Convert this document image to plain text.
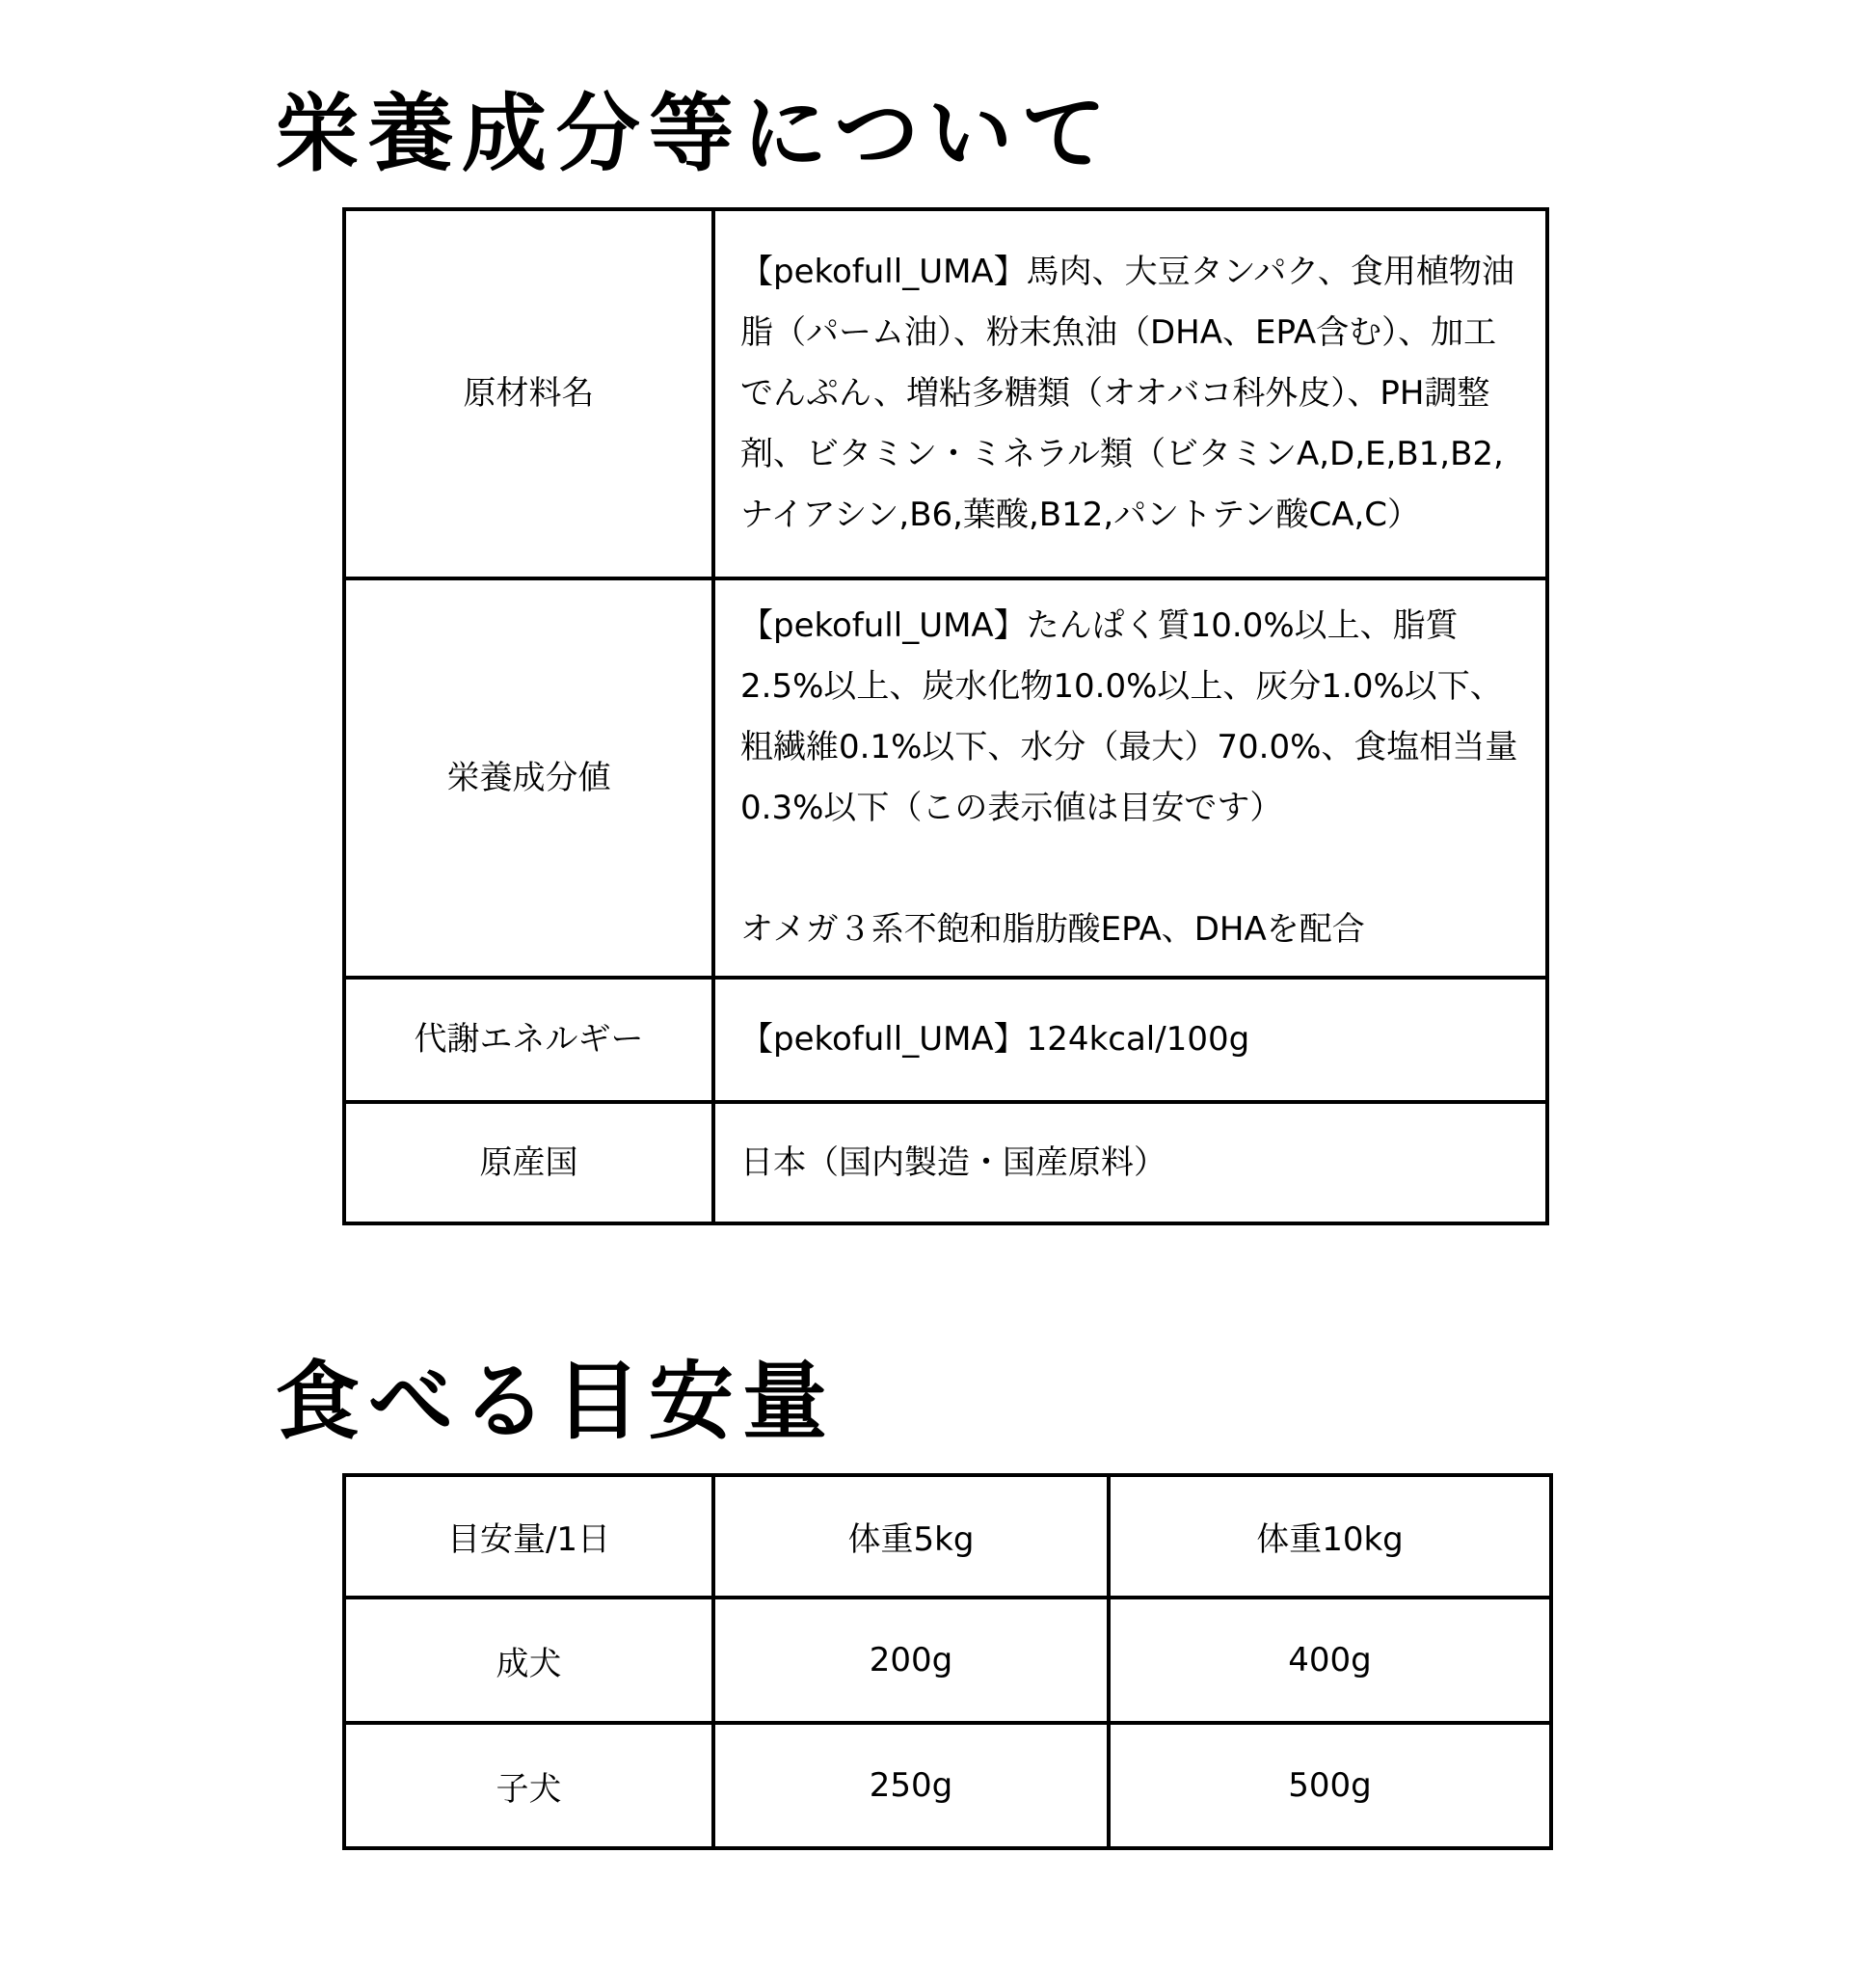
栄養成分等について
原材料名	【pekofull_UMA】馬肉、大豆タンパク、食用植物油脂（パーム油）、粉末魚油（DHA、EPA含む）、加工でんぷん、増粘多糖類（オオバコ科外皮）、PH調整剤、ビタミン・ミネラル類（ビタミンA,D,E,B1,B2,ナイアシン,B6,葉酸,B12,パントテン酸CA,C）

栄養成分値	【pekofull_UMA】たんぱく質10.0%以上、脂質2.5%以上、炭水化物10.0%以上、灰分1.0%以下、粗繊維0.1%以下、水分（最大）70.0%、食塩相当量0.3%以下（この表示値は目安です）
オメガ３系不飽和脂肪酸EPA、DHAを配合

代謝エネルギー	【pekofull_UMA】124kcal/100g

原産国	日本（国内製造・国産原料）
食べる目安量
目安量/1日	体重5kg	体重10kg
成犬	200g	400g
子犬	250g	500g
